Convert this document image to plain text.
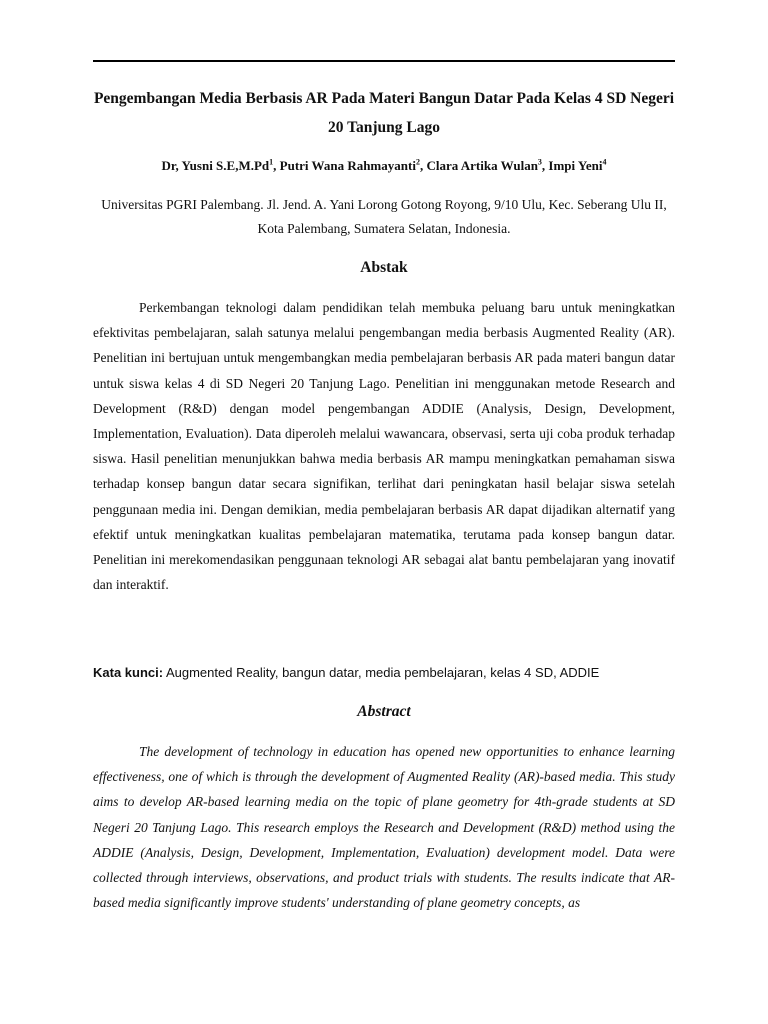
Pengembangan Media Berbasis AR Pada Materi Bangun Datar Pada Kelas 4 SD Negeri 20 Tanjung Lago

Dr, Yusni S.E,M.Pd$^1$, Putri Wana Rahmayanti$^2$, Clara Artika Wulan$^3$, Impi Yeni$^4$

Universitas PGRI Palembang. Jl. Jend. A. Yani Lorong Gotong Royong, 9/10 Ulu, Kec. Seberang Ulu II, Kota Palembang, Sumatera Selatan, Indonesia.

Abstak

Perkembangan teknologi dalam pendidikan telah membuka peluang baru untuk meningkatkan efektivitas pembelajaran, salah satunya melalui pengembangan media berbasis Augmented Reality (AR). Penelitian ini bertujuan untuk mengembangkan media pembelajaran berbasis AR pada materi bangun datar untuk siswa kelas 4 di SD Negeri 20 Tanjung Lago. Penelitian ini menggunakan metode Research and Development (R&D) dengan model pengembangan ADDIE (Analysis, Design, Development, Implementation, Evaluation). Data diperoleh melalui wawancara, observasi, serta uji coba produk terhadap siswa. Hasil penelitian menunjukkan bahwa media berbasis AR mampu meningkatkan pemahaman siswa terhadap konsep bangun datar secara signifikan, terlihat dari peningkatan hasil belajar siswa setelah penggunaan media ini. Dengan demikian, media pembelajaran berbasis AR dapat dijadikan alternatif yang efektif untuk meningkatkan kualitas pembelajaran matematika, terutama pada konsep bangun datar. Penelitian ini merekomendasikan penggunaan teknologi AR sebagai alat bantu pembelajaran yang inovatif dan interaktif.

Kata kunci: Augmented Reality, bangun datar, media pembelajaran, kelas 4 SD, ADDIE

Abstract

The development of technology in education has opened new opportunities to enhance learning effectiveness, one of which is through the development of Augmented Reality (AR)-based media. This study aims to develop AR-based learning media on the topic of plane geometry for 4th-grade students at SD Negeri 20 Tanjung Lago. This research employs the Research and Development (R&D) method using the ADDIE (Analysis, Design, Development, Implementation, Evaluation) development model. Data were collected through interviews, observations, and product trials with students. The results indicate that AR-based media significantly improve students' understanding of plane geometry concepts, as
